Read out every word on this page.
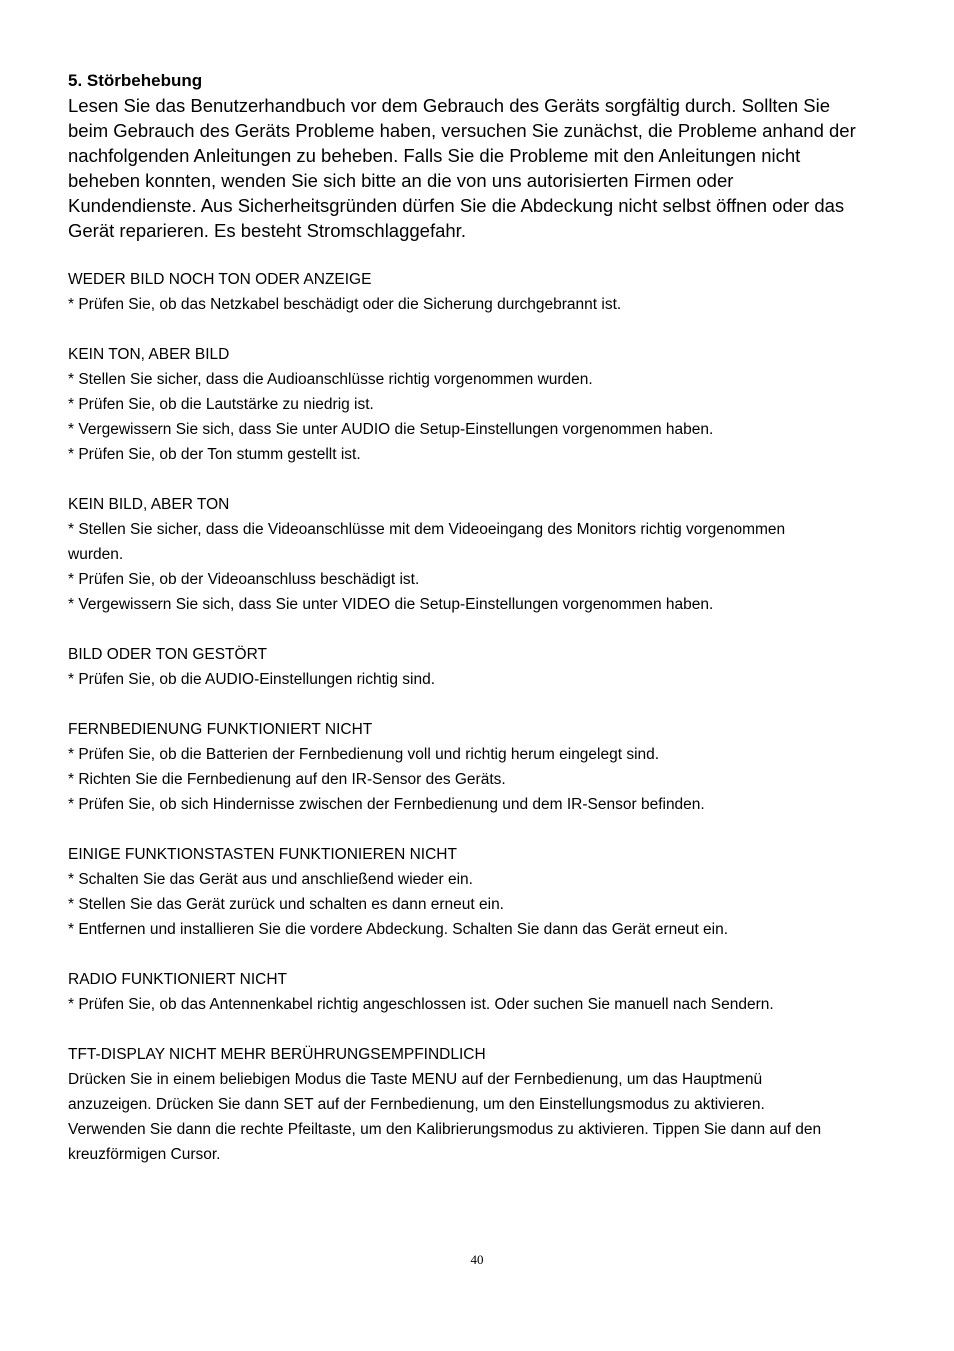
5. Störbehebung

Lesen Sie das Benutzerhandbuch vor dem Gebrauch des Geräts sorgfältig durch. Sollten Sie

beim Gebrauch des Geräts Probleme haben, versuchen Sie zunächst, die Probleme anhand der

nachfolgenden Anleitungen zu beheben. Falls Sie die Probleme mit den Anleitungen nicht

beheben konnten, wenden Sie sich bitte an die von uns autorisierten Firmen oder

Kundendienste. Aus Sicherheitsgründen dürfen Sie die Abdeckung nicht selbst öffnen oder das

Gerät reparieren. Es besteht Stromschlaggefahr.

WEDER BILD NOCH TON ODER ANZEIGE

* Prüfen Sie, ob das Netzkabel beschädigt oder die Sicherung durchgebrannt ist.

KEIN TON, ABER BILD

* Stellen Sie sicher, dass die Audioanschlüsse richtig vorgenommen wurden.

* Prüfen Sie, ob die Lautstärke zu niedrig ist.

* Vergewissern Sie sich, dass Sie unter AUDIO die Setup-Einstellungen vorgenommen haben.

* Prüfen Sie, ob der Ton stumm gestellt ist.

KEIN BILD, ABER TON

* Stellen Sie sicher, dass die Videoanschlüsse mit dem Videoeingang des Monitors richtig vorgenommen

wurden.

* Prüfen Sie, ob der Videoanschluss beschädigt ist.

* Vergewissern Sie sich, dass Sie unter VIDEO die Setup-Einstellungen vorgenommen haben.

BILD ODER TON GESTÖRT

* Prüfen Sie, ob die AUDIO-Einstellungen richtig sind.

FERNBEDIENUNG FUNKTIONIERT NICHT

* Prüfen Sie, ob die Batterien der Fernbedienung voll und richtig herum eingelegt sind.

* Richten Sie die Fernbedienung auf den IR-Sensor des Geräts.

* Prüfen Sie, ob sich Hindernisse zwischen der Fernbedienung und dem IR-Sensor befinden.

EINIGE FUNKTIONSTASTEN FUNKTIONIEREN NICHT

* Schalten Sie das Gerät aus und anschließend wieder ein.

* Stellen Sie das Gerät zurück und schalten es dann erneut ein.

* Entfernen und installieren Sie die vordere Abdeckung. Schalten Sie dann das Gerät erneut ein.

RADIO FUNKTIONIERT NICHT

* Prüfen Sie, ob das Antennenkabel richtig angeschlossen ist. Oder suchen Sie manuell nach Sendern.

TFT-DISPLAY NICHT MEHR BERÜHRUNGSEMPFINDLICH

Drücken Sie in einem beliebigen Modus die Taste MENU auf der Fernbedienung, um das Hauptmenü

anzuzeigen. Drücken Sie dann SET auf der Fernbedienung, um den Einstellungsmodus zu aktivieren.

Verwenden Sie dann die rechte Pfeiltaste, um den Kalibrierungsmodus zu aktivieren. Tippen Sie dann auf den

kreuzförmigen Cursor.

40
